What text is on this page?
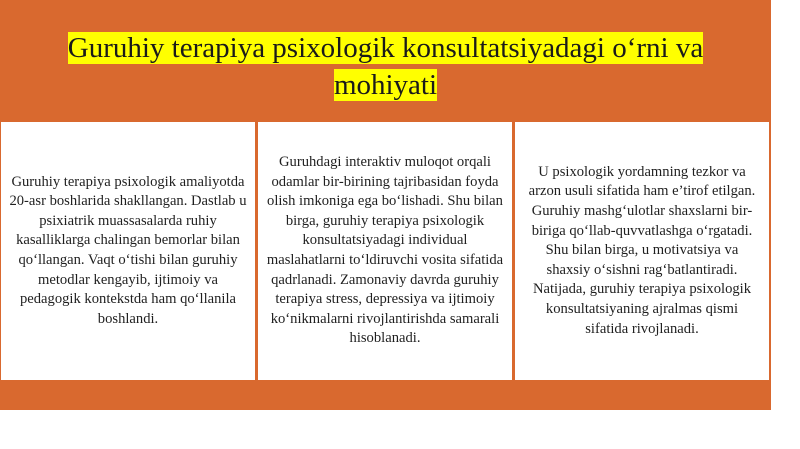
Guruhiy terapiya psixologik konsultatsiyadagi o‘rni va mohiyati
Guruhiy terapiya psixologik amaliyotda 20-asr boshlarida shakllangan. Dastlab u psixiatrik muassasalarda ruhiy kasalliklarga chalingan bemorlar bilan qo‘llangan. Vaqt o‘tishi bilan guruhiy metodlar kengayib, ijtimoiy va pedagogik kontekstda ham qo‘llanila boshlandi.
Guruhdagi interaktiv muloqot orqali odamlar bir-birining tajribasidan foyda olish imkoniga ega bo‘lishadi. Shu bilan birga, guruhiy terapiya psixologik konsultatsiyadagi individual maslahatlarni to‘ldiruvchi vosita sifatida qadrlanadi. Zamonaviy davrda guruhiy terapiya stress, depressiya va ijtimoiy ko‘nikmalarni rivojlantirishda samarali hisoblanadi.
U psixologik yordamning tezkor va arzon usuli sifatida ham e’tirof etilgan. Guruhiy mashg‘ulotlar shaxslarni bir-biriga qo‘llab-quvvatlashga o‘rgatadi. Shu bilan birga, u motivatsiya va shaxsiy o‘sishni rag‘batlantiradi. Natijada, guruhiy terapiya psixologik konsultatsiyaning ajralmas qismi sifatida rivojlanadi.
